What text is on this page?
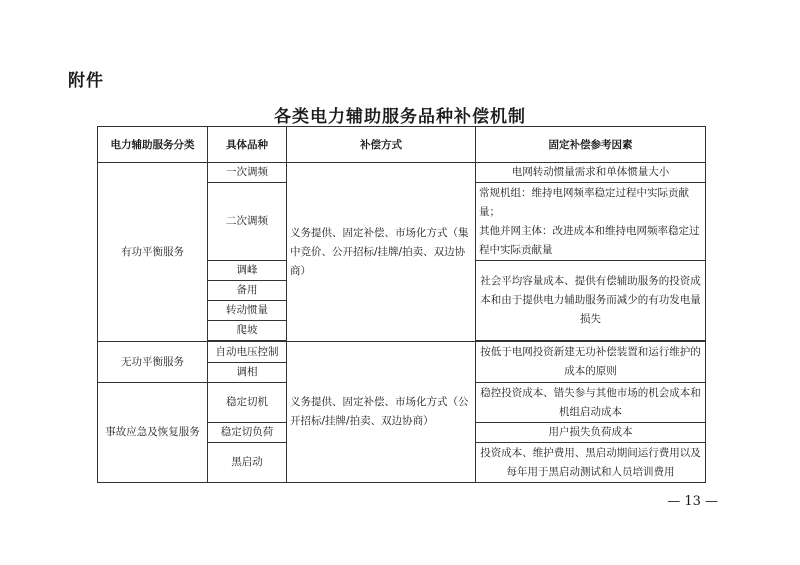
附件
各类电力辅助服务品种补偿机制
电力辅助服务分类	具体品种	补偿方式	固定补偿参考因素
有功平衡服务	一次调频	义务提供、固定补偿、市场化方式（集中竞价、公开招标/挂牌/拍卖、双边协商）	电网转动惯量需求和单体惯量大小
	二次调频		常规机组：维持电网频率稳定过程中实际贡献量；
其他并网主体：改进成本和维持电网频率稳定过程中实际贡献量

	调峰		社会平均容量成本、提供有偿辅助服务的投资成本和由于提供电力辅助服务而减少的有功发电量损失
	备用		
	转动惯量		
	爬坡		

无功平衡服务	自动电压控制	义务提供、固定补偿、市场化方式（公开招标/挂牌/拍卖、双边协商）	按低于电网投资新建无功补偿装置和运行维护的成本的原则
	调相		
事故应急及恢复服务	稳定切机		稳控投资成本、错失参与其他市场的机会成本和机组启动成本
	稳定切负荷		用户损失负荷成本
	黑启动		投资成本、维护费用、黑启动期间运行费用以及每年用于黑启动测试和人员培训费用
— 13 —
